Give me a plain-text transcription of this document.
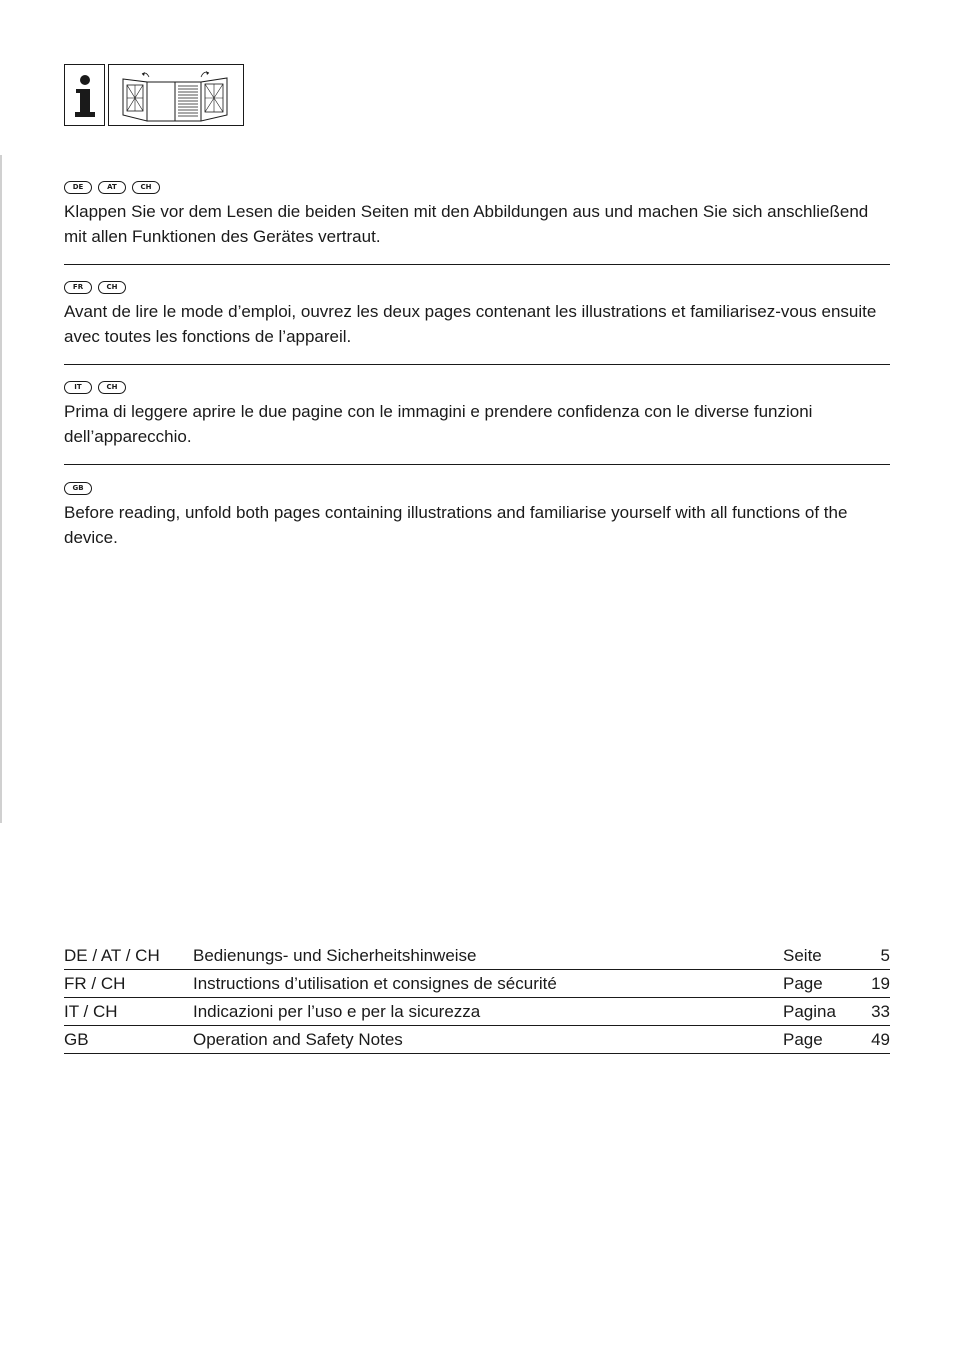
DE	AT	CH

Klappen Sie vor dem Lesen die beiden Seiten mit den Abbildungen aus und machen Sie sich anschließend mit allen Funktionen des Gerätes vertraut.

FR	CH

Avant de lire le mode d’emploi, ouvrez les deux pages contenant les illustrations et familiarisez-vous ensuite avec toutes les fonctions de l’appareil.

IT	CH

Prima di leggere aprire le due pagine con le immagini e prendere confidenza con le diverse funzioni dell’apparecchio.

GB

Before reading, unfold both pages containing illustrations and familiarise yourself with all functions of the device.

DE / AT / CH	Bedienungs- und Sicherheitshinweise	Seite	5
FR / CH	Instructions d’utilisation et consignes de sécurité	Page	19
IT / CH	Indicazioni per l’uso e per la sicurezza	Pagina	33
GB	Operation and Safety Notes	Page	49
